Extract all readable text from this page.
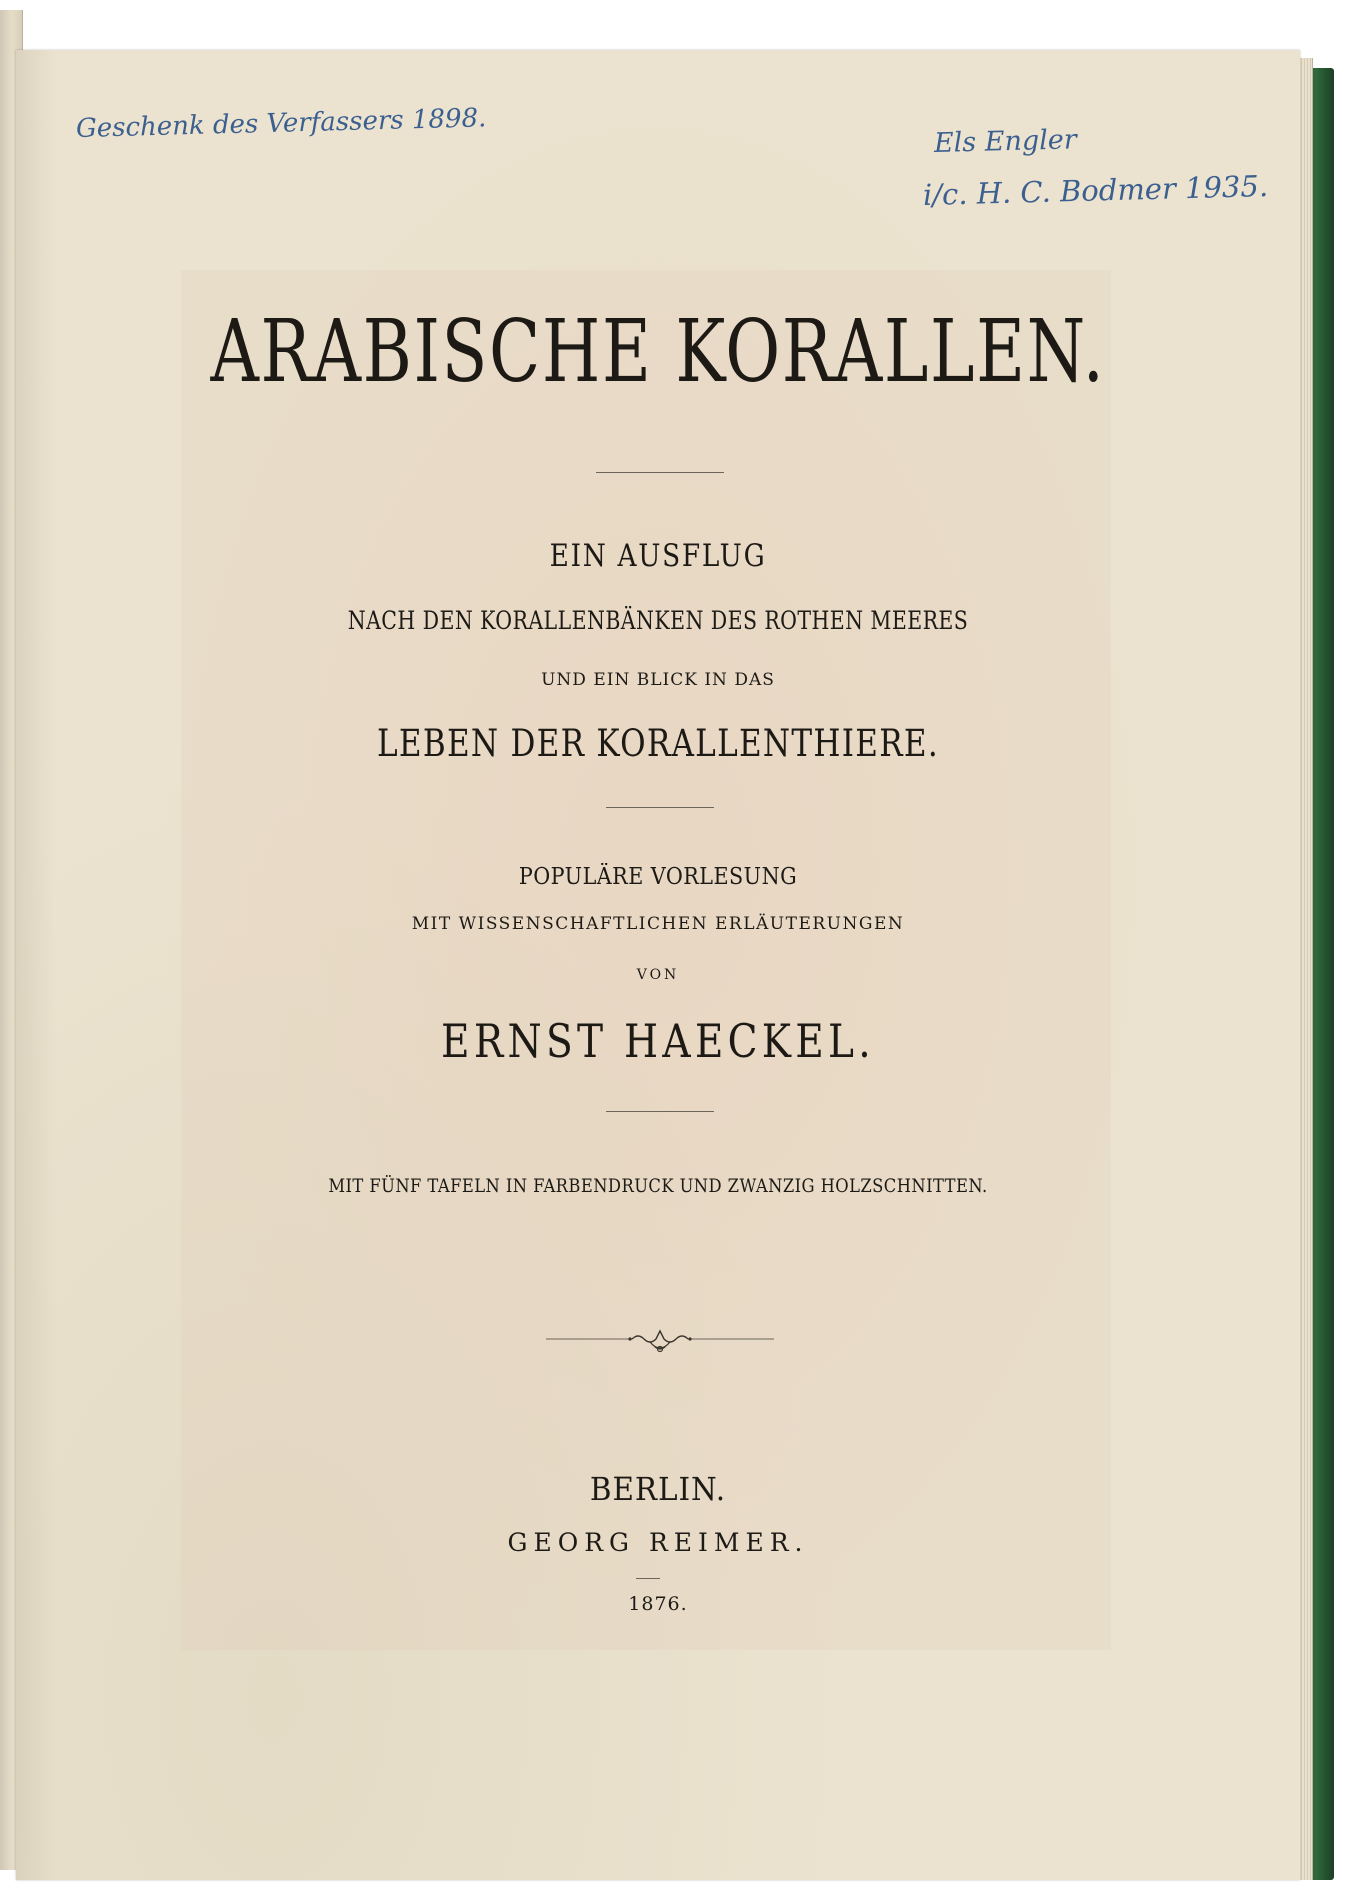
Geschenk des Verfassers 1898.	Els Engler

i/c. H. C. Bodmer 1935.

ARABISCHE KORALLEN.

EIN AUSFLUG

NACH DEN KORALLENBÄNKEN DES ROTHEN MEERES

UND EIN BLICK IN DAS

LEBEN DER KORALLENTHIERE.

POPULÄRE VORLESUNG

MIT WISSENSCHAFTLICHEN ERLÄUTERUNGEN

VON

ERNST HAECKEL.

MIT FÜNF TAFELN IN FARBENDRUCK UND ZWANZIG HOLZSCHNITTEN.

BERLIN.

GEORG REIMER.

1876.
